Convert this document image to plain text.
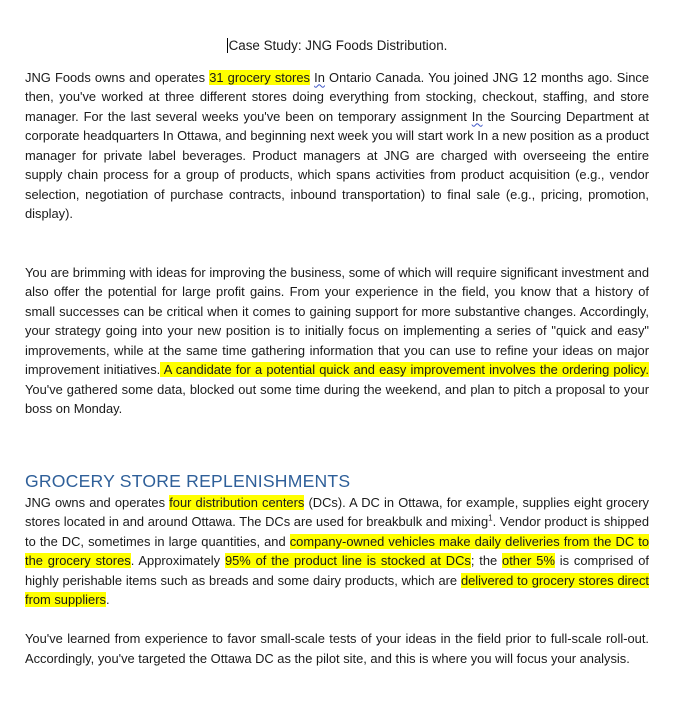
Case Study: JNG Foods Distribution.

JNG Foods owns and operates 31 grocery stores In Ontario Canada. You joined JNG 12 months ago. Since then, you've worked at three different stores doing everything from stocking, checkout, staffing, and store manager. For the last several weeks you've been on temporary assignment In the Sourcing Department at corporate headquarters In Ottawa, and beginning next week you will start work In a new position as a product manager for private label beverages. Product managers at JNG are charged with overseeing the entire supply chain process for a group of products, which spans activities from product acquisition (e.g., vendor selection, negotiation of purchase contracts, inbound transportation) to final sale (e.g., pricing, promotion, display).

You are brimming with ideas for improving the business, some of which will require significant investment and also offer the potential for large profit gains. From your experience in the field, you know that a history of small successes can be critical when it comes to gaining support for more substantive changes. Accordingly, your strategy going into your new position is to initially focus on implementing a series of "quick and easy" improvements, while at the same time gathering information that you can use to refine your ideas on major improvement initiatives. A candidate for a potential quick and easy improvement involves the ordering policy. You've gathered some data, blocked out some time during the weekend, and plan to pitch a proposal to your boss on Monday.

GROCERY STORE REPLENISHMENTS

JNG owns and operates four distribution centers (DCs). A DC in Ottawa, for example, supplies eight grocery stores located in and around Ottawa. The DCs are used for breakbulk and mixing$^1$. Vendor product is shipped to the DC, sometimes in large quantities, and company-owned vehicles make daily deliveries from the DC to the grocery stores. Approximately 95% of the product line is stocked at DCs; the other 5% is comprised of highly perishable items such as breads and some dairy products, which are delivered to grocery stores direct from suppliers.

You've learned from experience to favor small-scale tests of your ideas in the field prior to full-scale roll-out. Accordingly, you've targeted the Ottawa DC as the pilot site, and this is where you will focus your analysis.
